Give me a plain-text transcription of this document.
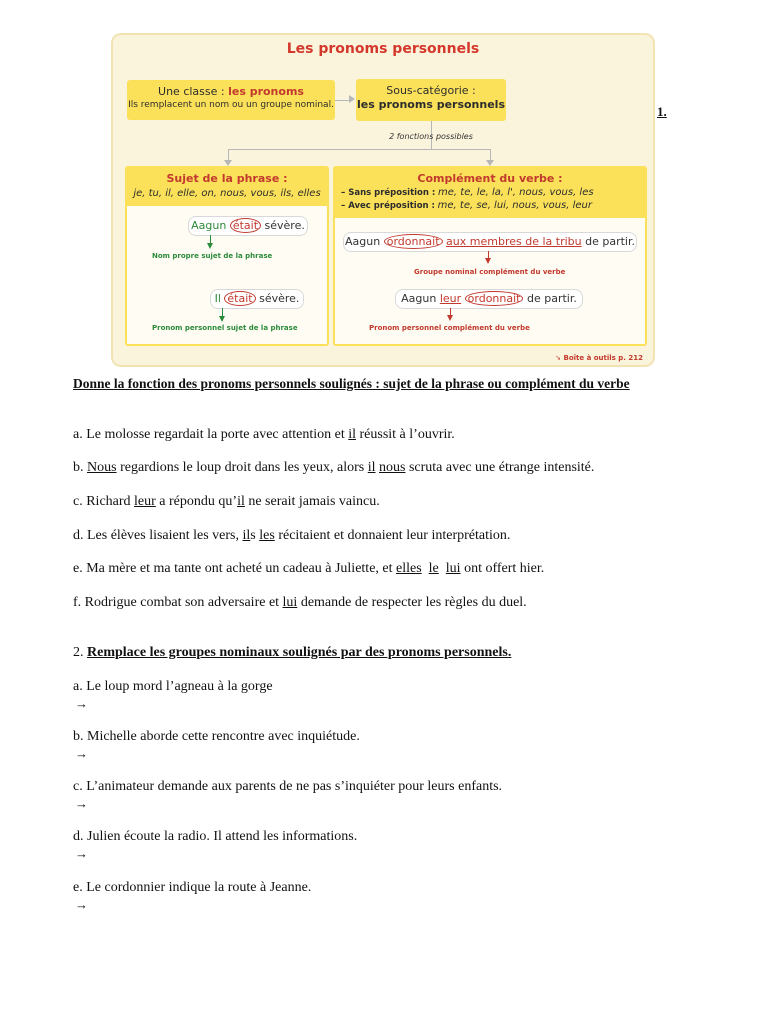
Les pronoms personnels
Une classe : les pronoms
Ils remplacent un nom ou un groupe nominal.
Sous-catégorie :
les pronoms personnels
2 fonctions possibles
Sujet de la phrase :
je, tu, il, elle, on, nous, vous, ils, elles
Aagun était sévère.
Nom propre sujet de la phrase
Il était sévère.
Pronom personnel sujet de la phrase
Complément du verbe :
– Sans préposition : me, te, le, la, l', nous, vous, les
– Avec préposition : me, te, se, lui, nous, vous, leur
Aagun ordonnait aux membres de la tribu de partir.
Groupe nominal complément du verbe
Aagun leur ordonnait de partir.
Pronom personnel complément du verbe
➘ Boîte à outils p. 212
1.
Donne la fonction des pronoms personnels soulignés : sujet de la phrase ou complément du verbe
a. Le molosse regardait la porte avec attention et il réussit à l’ouvrir.
b. Nous regardions le loup droit dans les yeux, alors il nous scruta avec une étrange intensité.
c. Richard leur a répondu qu’il ne serait jamais vaincu.
d. Les élèves lisaient les vers, ils les récitaient et donnaient leur interprétation.
e. Ma mère et ma tante ont acheté un cadeau à Juliette, et elles le lui ont offert hier.
f. Rodrigue combat son adversaire et lui demande de respecter les règles du duel.
2. Remplace les groupes nominaux soulignés par des pronoms personnels.
a. Le loup mord l’agneau à la gorge
→
b. Michelle aborde cette rencontre avec inquiétude.
→
c. L’animateur demande aux parents de ne pas s’inquiéter pour leurs enfants.
→
d. Julien écoute la radio. Il attend les informations.
→
e. Le cordonnier indique la route à Jeanne.
→
